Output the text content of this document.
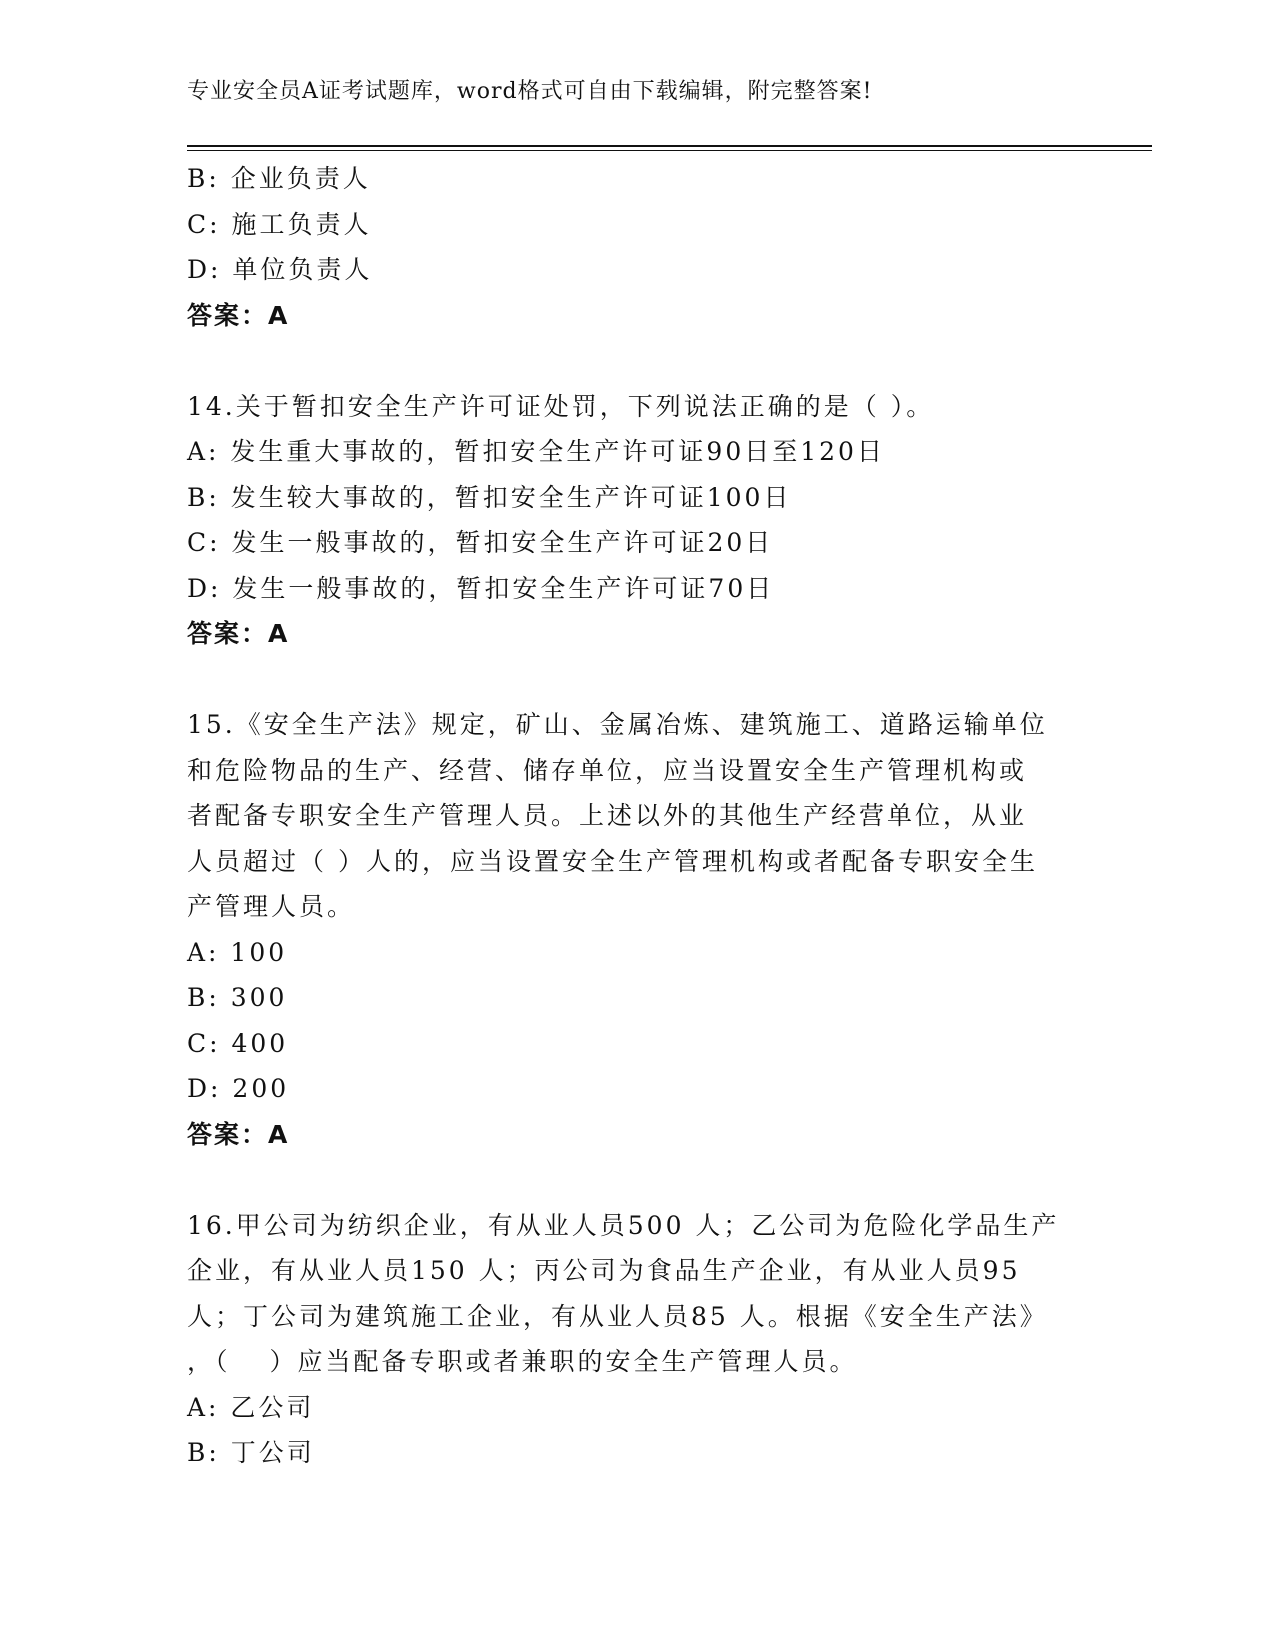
专业安全员A证考试题库，word格式可自由下载编辑，附完整答案!
B: 企业负责人
C: 施工负责人
D: 单位负责人
答案：A
14.关于暂扣安全生产许可证处罚，下列说法正确的是（ ）。
A: 发生重大事故的，暂扣安全生产许可证90日至120日
B: 发生较大事故的，暂扣安全生产许可证100日
C: 发生一般事故的，暂扣安全生产许可证20日
D: 发生一般事故的，暂扣安全生产许可证70日
答案：A
15.《安全生产法》规定，矿山、金属冶炼、建筑施工、道路运输单位
和危险物品的生产、经营、储存单位，应当设置安全生产管理机构或
者配备专职安全生产管理人员。上述以外的其他生产经营单位，从业
人员超过（ ）人的，应当设置安全生产管理机构或者配备专职安全生
产管理人员。
A: 100
B: 300
C: 400
D: 200
答案：A
16.甲公司为纺织企业，有从业人员500 人；乙公司为危险化学品生产
企业，有从业人员150 人；丙公司为食品生产企业，有从业人员95
人；丁公司为建筑施工企业，有从业人员85 人。根据《安全生产法》
，（　 ）应当配备专职或者兼职的安全生产管理人员。
A: 乙公司
B: 丁公司
